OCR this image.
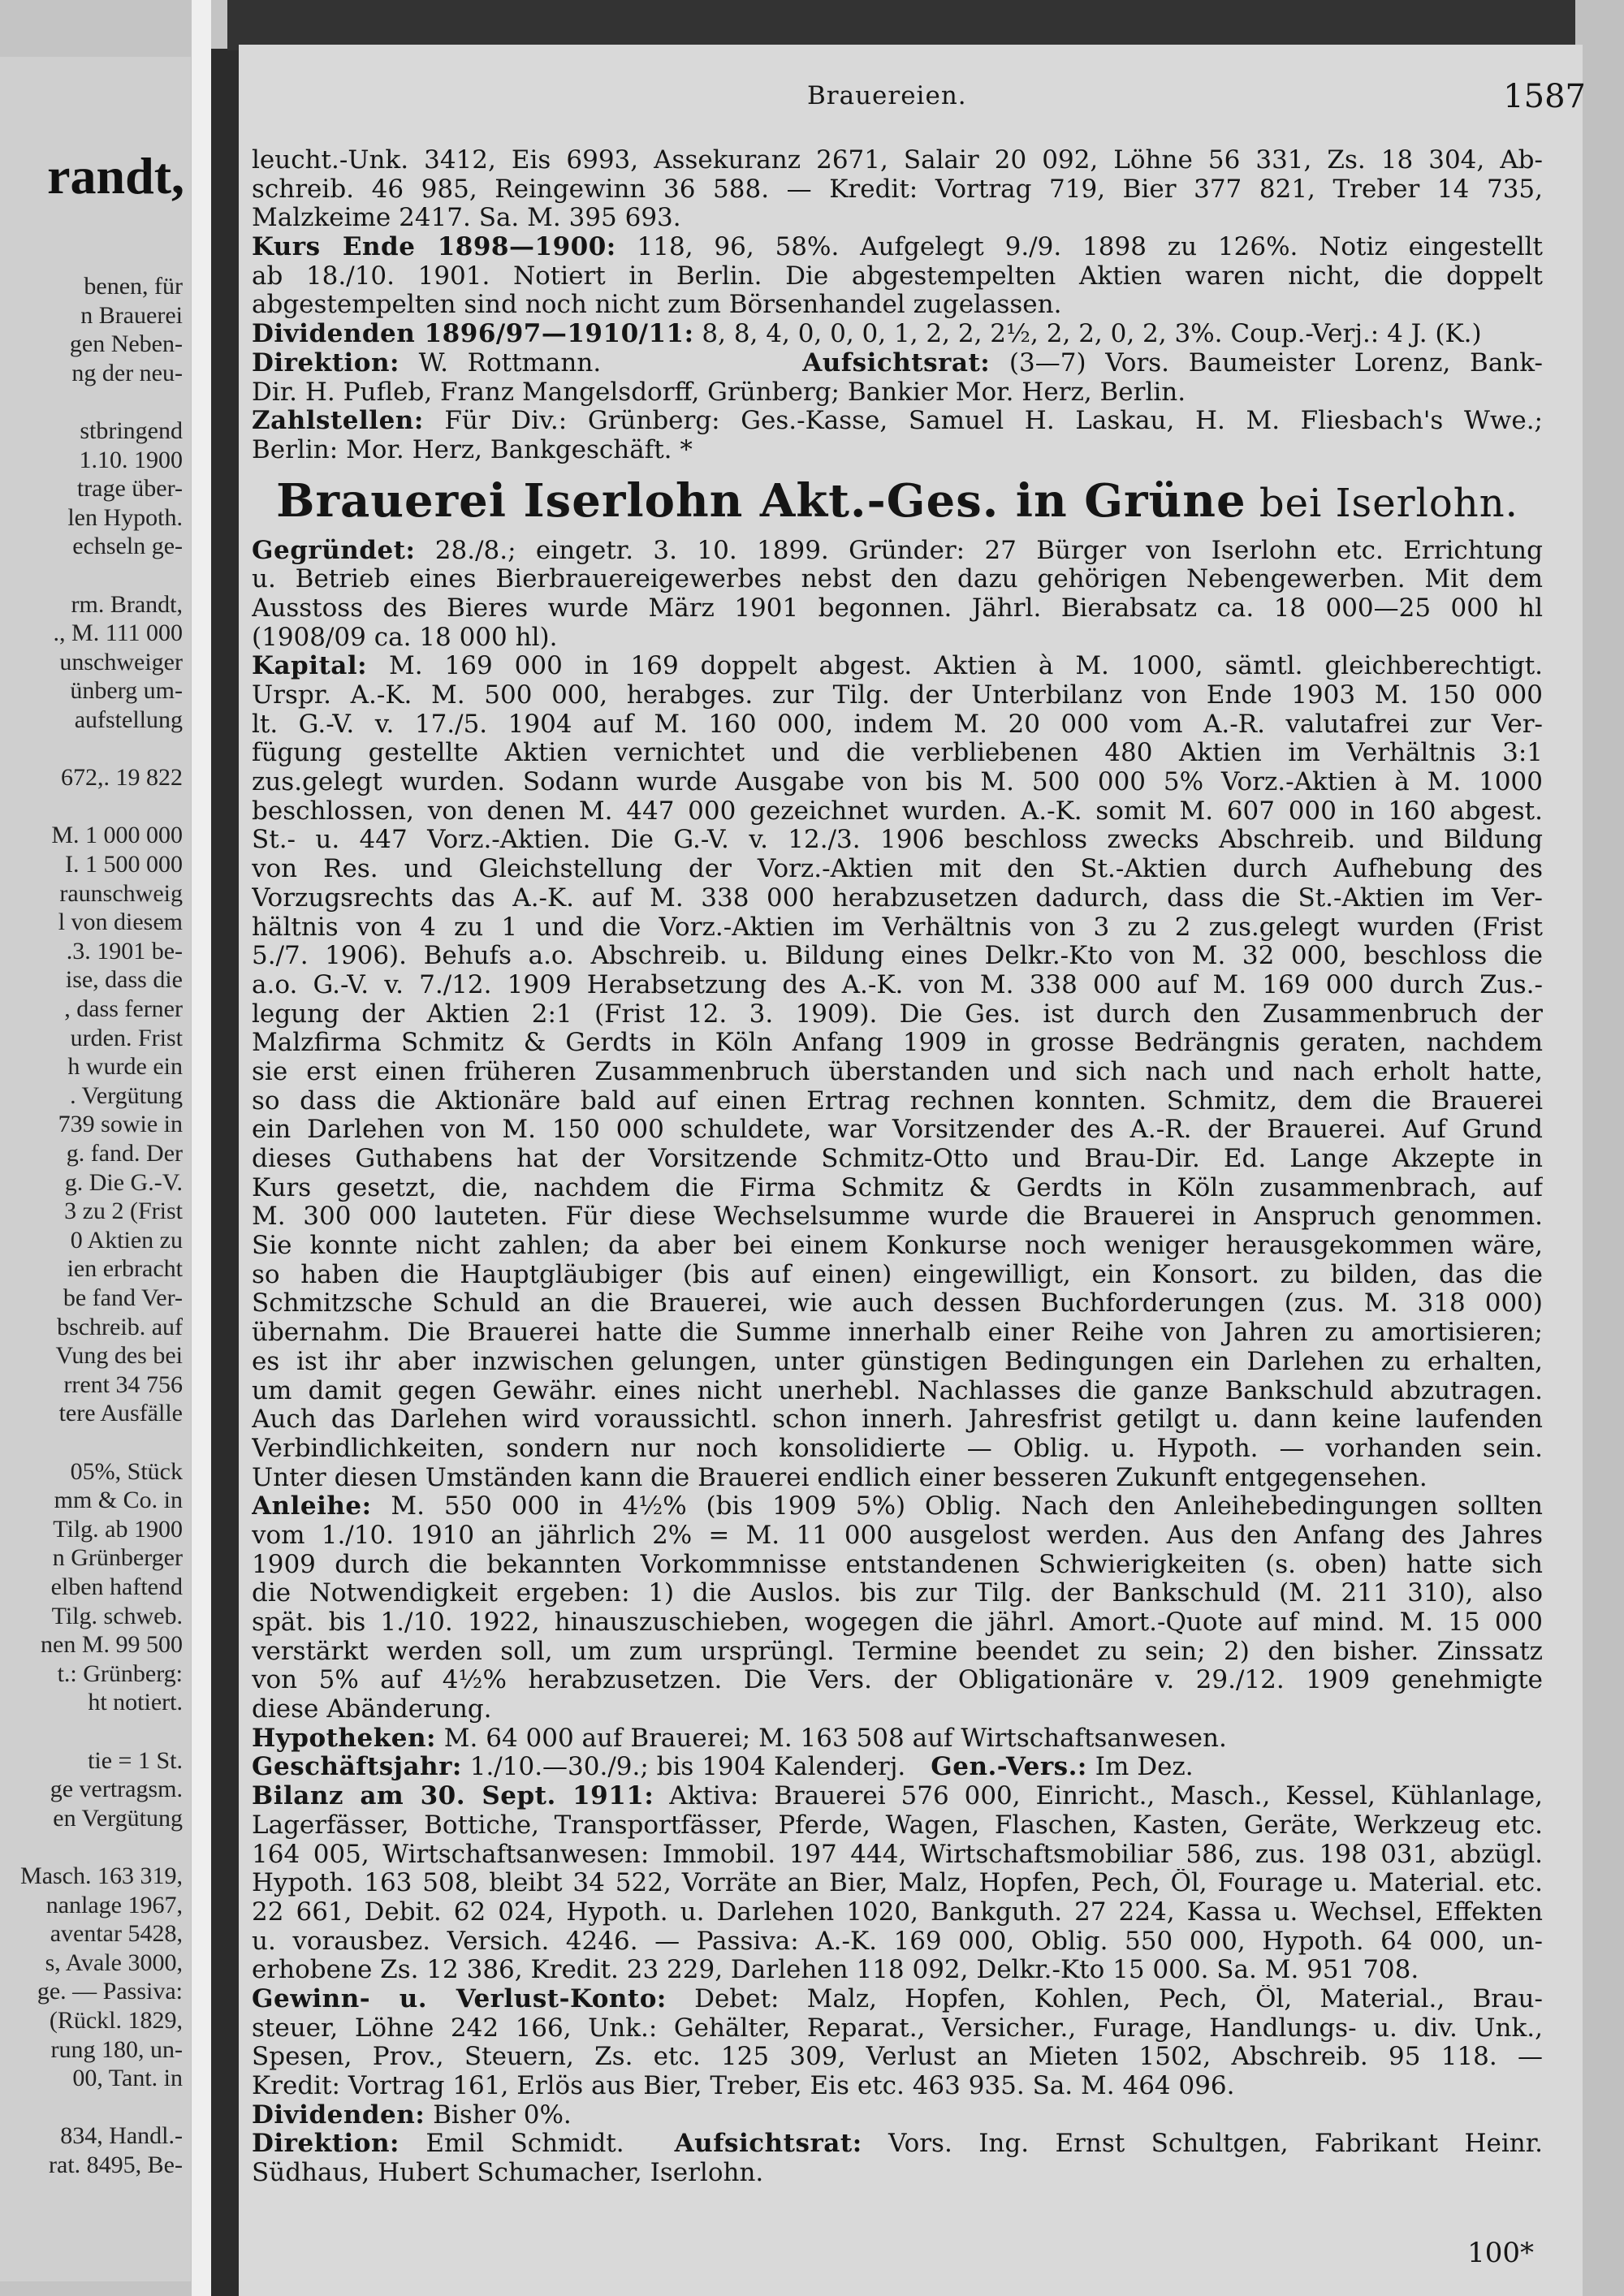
randt,
benen, für
n Brauerei
gen Neben-
ng der neu-
stbringend
1.10. 1900
trage über-
len Hypoth.
echseln ge-
rm. Brandt,
., M. 111 000
unschweiger
ünberg um-
aufstellung
672,. 19 822
M. 1 000 000
I. 1 500 000
raunschweig
l von diesem
.3. 1901 be-
ise, dass die
, dass ferner
urden. Frist
h wurde ein
. Vergütung
739 sowie in
g. fand. Der
g. Die G.-V.
3 zu 2 (Frist
0 Aktien zu
ien erbracht
be fand Ver-
bschreib. auf
Vung des bei
rrent 34 756
tere Ausfälle
05%, Stück
mm & Co. in
Tilg. ab 1900
n Grünberger
elben haftend
Tilg. schweb.
nen M. 99 500
t.: Grünberg:
ht notiert.
tie = 1 St.
ge vertragsm.
en Vergütung
Masch. 163 319,
nanlage 1967,
aventar 5428,
s, Avale 3000,
ge. — Passiva:
(Rückl. 1829,
rung 180, un-
00, Tant. in
834, Handl.-
rat. 8495, Be-
Brauereien.	1587
leucht.-Unk. 3412, Eis 6993, Assekuranz 2671, Salair 20 092, Löhne 56 331, Zs. 18 304, Ab-
schreib. 46 985, Reingewinn 36 588. — Kredit: Vortrag 719, Bier 377 821, Treber 14 735,
Malzkeime 2417. Sa. M. 395 693.
Kurs Ende 1898—1900: 118, 96, 58%. Aufgelegt 9./9. 1898 zu 126%. Notiz eingestellt
ab 18./10. 1901. Notiert in Berlin. Die abgestempelten Aktien waren nicht, die doppelt
abgestempelten sind noch nicht zum Börsenhandel zugelassen.
Dividenden 1896/97—1910/11: 8, 8, 4, 0, 0, 0, 1, 2, 2, 2½, 2, 2, 0, 2, 3%. Coup.-Verj.: 4 J. (K.)
Direktion: W. Rottmann.        	Aufsichtsrat: (3—7) Vors. Baumeister Lorenz, Bank-
Dir. H. Pufleb, Franz Mangelsdorff, Grünberg; Bankier Mor. Herz, Berlin.
Zahlstellen: Für Div.: Grünberg: Ges.-Kasse, Samuel H. Laskau, H. M. Fliesbach's Wwe.;
Berlin: Mor. Herz, Bankgeschäft. *
Brauerei Iserlohn Akt.-Ges. in Grüne bei Iserlohn.
Gegründet: 28./8.; eingetr. 3. 10. 1899. Gründer: 27 Bürger von Iserlohn etc. Errichtung
u. Betrieb eines Bierbrauereigewerbes nebst den dazu gehörigen Nebengewerben. Mit dem
Ausstoss des Bieres wurde März 1901 begonnen. Jährl. Bierabsatz ca. 18 000—25 000 hl
(1908/09 ca. 18 000 hl).
Kapital: M. 169 000 in 169 doppelt abgest. Aktien à M. 1000, sämtl. gleichberechtigt.
Urspr. A.-K. M. 500 000, herabges. zur Tilg. der Unterbilanz von Ende 1903 M. 150 000
lt. G.-V. v. 17./5. 1904 auf M. 160 000, indem M. 20 000 vom A.-R. valutafrei zur Ver-
fügung gestellte Aktien vernichtet und die verbliebenen 480 Aktien im Verhältnis 3:1
zus.gelegt wurden. Sodann wurde Ausgabe von bis M. 500 000 5% Vorz.-Aktien à M. 1000
beschlossen, von denen M. 447 000 gezeichnet wurden. A.-K. somit M. 607 000 in 160 abgest.
St.- u. 447 Vorz.-Aktien. Die G.-V. v. 12./3. 1906 beschloss zwecks Abschreib. und Bildung
von Res. und Gleichstellung der Vorz.-Aktien mit den St.-Aktien durch Aufhebung des
Vorzugsrechts das A.-K. auf M. 338 000 herabzusetzen dadurch, dass die St.-Aktien im Ver-
hältnis von 4 zu 1 und die Vorz.-Aktien im Verhältnis von 3 zu 2 zus.gelegt wurden (Frist
5./7. 1906). Behufs a.o. Abschreib. u. Bildung eines Delkr.-Kto von M. 32 000, beschloss die
a.o. G.-V. v. 7./12. 1909 Herabsetzung des A.-K. von M. 338 000 auf M. 169 000 durch Zus.-
legung der Aktien 2:1 (Frist 12. 3. 1909). Die Ges. ist durch den Zusammenbruch der
Malzfirma Schmitz & Gerdts in Köln Anfang 1909 in grosse Bedrängnis geraten, nachdem
sie erst einen früheren Zusammenbruch überstanden und sich nach und nach erholt hatte,
so dass die Aktionäre bald auf einen Ertrag rechnen konnten. Schmitz, dem die Brauerei
ein Darlehen von M. 150 000 schuldete, war Vorsitzender des A.-R. der Brauerei. Auf Grund
dieses Guthabens hat der Vorsitzende Schmitz-Otto und Brau-Dir. Ed. Lange Akzepte in
Kurs gesetzt, die, nachdem die Firma Schmitz & Gerdts in Köln zusammenbrach, auf
M. 300 000 lauteten. Für diese Wechselsumme wurde die Brauerei in Anspruch genommen.
Sie konnte nicht zahlen; da aber bei einem Konkurse noch weniger herausgekommen wäre,
so haben die Hauptgläubiger (bis auf einen) eingewilligt, ein Konsort. zu bilden, das die
Schmitzsche Schuld an die Brauerei, wie auch dessen Buchforderungen (zus. M. 318 000)
übernahm. Die Brauerei hatte die Summe innerhalb einer Reihe von Jahren zu amortisieren;
es ist ihr aber inzwischen gelungen, unter günstigen Bedingungen ein Darlehen zu erhalten,
um damit gegen Gewähr. eines nicht unerhebl. Nachlasses die ganze Bankschuld abzutragen.
Auch das Darlehen wird voraussichtl. schon innerh. Jahresfrist getilgt u. dann keine laufenden
Verbindlichkeiten, sondern nur noch konsolidierte — Oblig. u. Hypoth. — vorhanden sein.
Unter diesen Umständen kann die Brauerei endlich einer besseren Zukunft entgegensehen.
Anleihe: M. 550 000 in 4½% (bis 1909 5%) Oblig. Nach den Anleihebedingungen sollten
vom 1./10. 1910 an jährlich 2% = M. 11 000 ausgelost werden. Aus den Anfang des Jahres
1909 durch die bekannten Vorkommnisse entstandenen Schwierigkeiten (s. oben) hatte sich
die Notwendigkeit ergeben: 1) die Auslos. bis zur Tilg. der Bankschuld (M. 211 310), also
spät. bis 1./10. 1922, hinauszuschieben, wogegen die jährl. Amort.-Quote auf mind. M. 15 000
verstärkt werden soll, um zum ursprüngl. Termine beendet zu sein; 2) den bisher. Zinssatz
von 5% auf 4½% herabzusetzen. Die Vers. der Obligationäre v. 29./12. 1909 genehmigte
diese Abänderung.
Hypotheken: M. 64 000 auf Brauerei; M. 163 508 auf Wirtschaftsanwesen.
Geschäftsjahr: 1./10.—30./9.; bis 1904 Kalenderj.  Gen.-Vers.: Im Dez.
Bilanz am 30. Sept. 1911: Aktiva: Brauerei 576 000, Einricht., Masch., Kessel, Kühlanlage,
Lagerfässer, Bottiche, Transportfässer, Pferde, Wagen, Flaschen, Kasten, Geräte, Werkzeug etc.
164 005, Wirtschaftsanwesen: Immobil. 197 444, Wirtschaftsmobiliar 586, zus. 198 031, abzügl.
Hypoth. 163 508, bleibt 34 522, Vorräte an Bier, Malz, Hopfen, Pech, Öl, Fourage u. Material. etc.
22 661, Debit. 62 024, Hypoth. u. Darlehen 1020, Bankguth. 27 224, Kassa u. Wechsel, Effekten
u. vorausbez. Versich. 4246. — Passiva: A.-K. 169 000, Oblig. 550 000, Hypoth. 64 000, un-
erhobene Zs. 12 386, Kredit. 23 229, Darlehen 118 092, Delkr.-Kto 15 000. Sa. M. 951 708.
Gewinn- u. Verlust-Konto: Debet: Malz, Hopfen, Kohlen, Pech, Öl, Material., Brau-
steuer, Löhne 242 166, Unk.: Gehälter, Reparat., Versicher., Furage, Handlungs- u. div. Unk.,
Spesen, Prov., Steuern, Zs. etc. 125 309, Verlust an Mieten 1502, Abschreib. 95 118. —
Kredit: Vortrag 161, Erlös aus Bier, Treber, Eis etc. 463 935. Sa. M. 464 096.
Dividenden: Bisher 0%.
Direktion: Emil Schmidt.   Aufsichtsrat: Vors. Ing. Ernst Schultgen, Fabrikant Heinr.
Südhaus, Hubert Schumacher, Iserlohn.
100*
